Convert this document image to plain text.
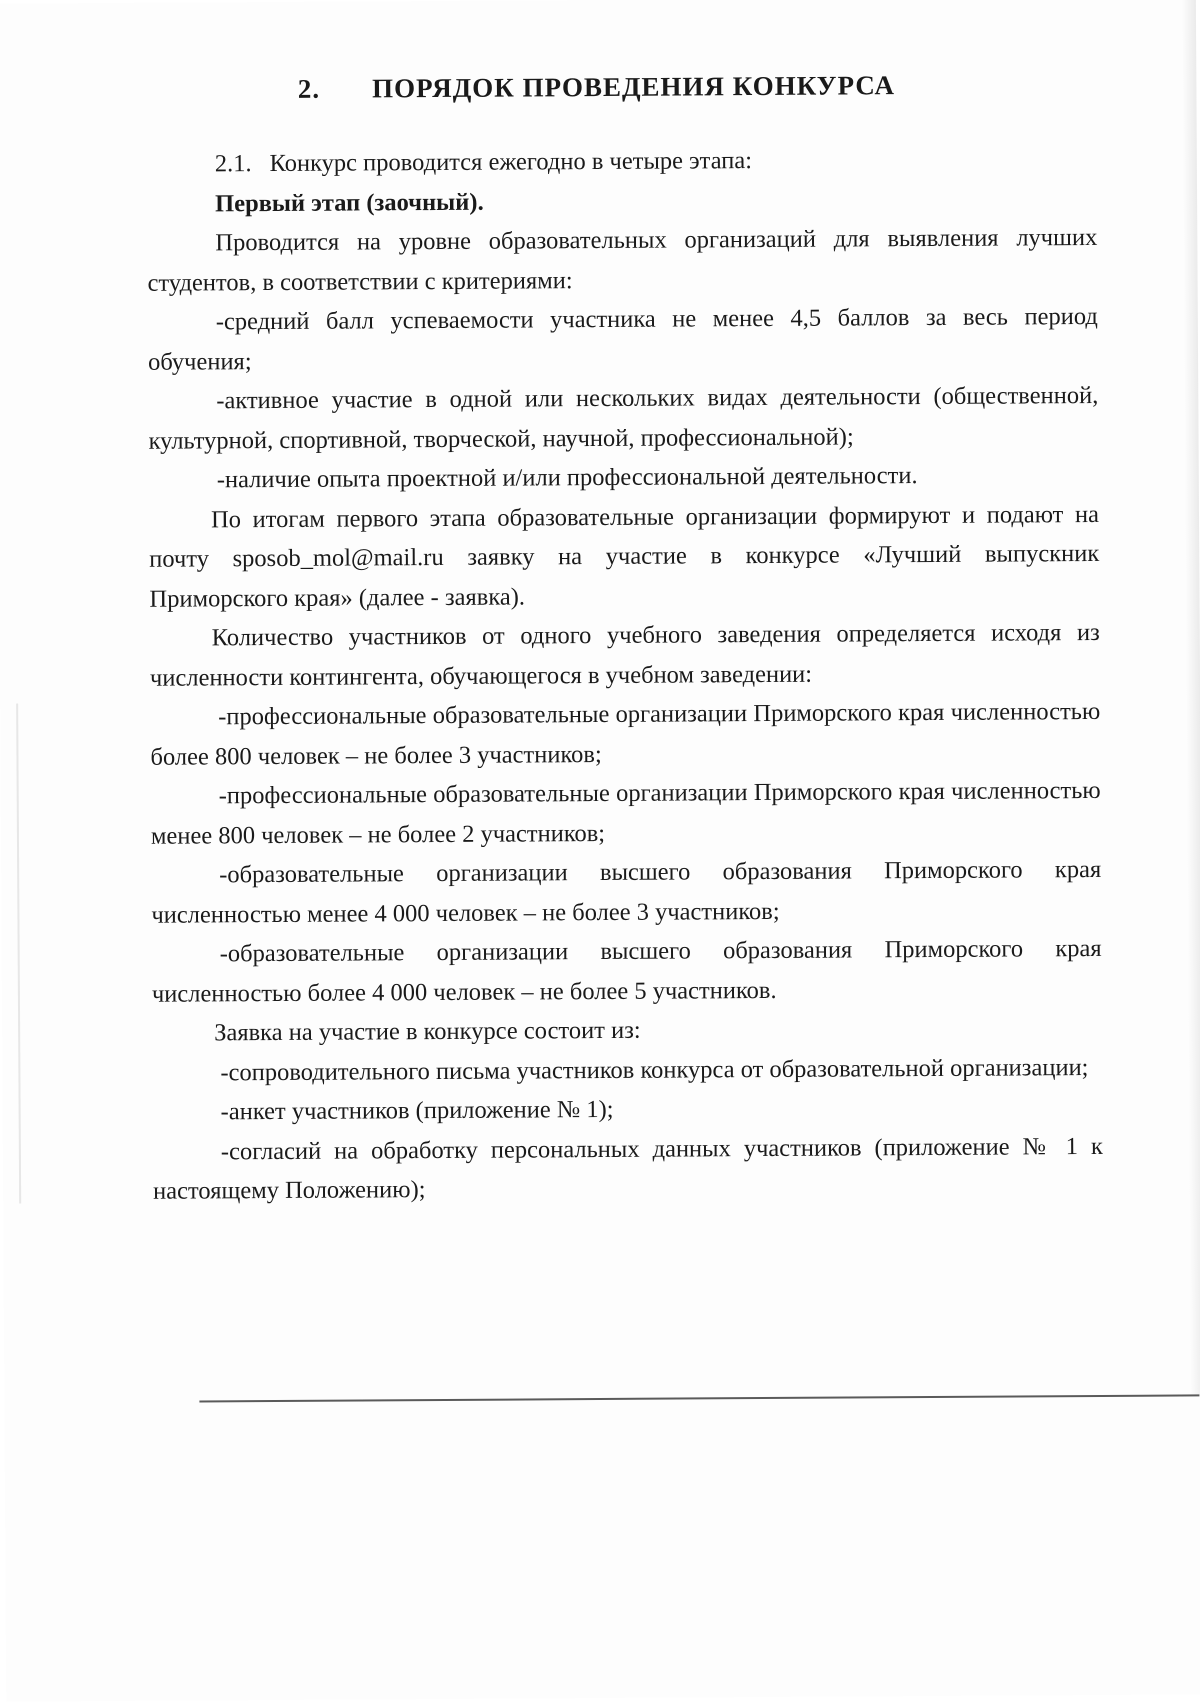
2. ПОРЯДОК ПРОВЕДЕНИЯ КОНКУРСА

2.1. Конкурс проводится ежегодно в четыре этапа:

Первый этап (заочный).

Проводится на уровне образовательных организаций для выявления лучших студентов, в соответствии с критериями:

-средний балл успеваемости участника не менее 4,5 баллов за весь период обучения;

-активное участие в одной или нескольких видах деятельности (общественной, культурной, спортивной, творческой, научной, профессиональной);

-наличие опыта проектной и/или профессиональной деятельности.

По итогам первого этапа образовательные организации формируют и подают на почту sposob_mol@mail.ru заявку на участие в конкурсе «Лучший выпускник Приморского края» (далее - заявка).

Количество участников от одного учебного заведения определяется исходя из численности контингента, обучающегося в учебном заведении:

-профессиональные образовательные организации Приморского края численностью более 800 человек – не более 3 участников;

-профессиональные образовательные организации Приморского края численностью менее 800 человек – не более 2 участников;

-образовательные организации высшего образования Приморского края численностью менее 4 000 человек – не более 3 участников;

-образовательные организации высшего образования Приморского края численностью более 4 000 человек – не более 5 участников.

Заявка на участие в конкурсе состоит из:

-сопроводительного письма участников конкурса от образовательной организации;

-анкет участников (приложение № 1);

-согласий на обработку персональных данных участников (приложение № 1 к настоящему Положению);
